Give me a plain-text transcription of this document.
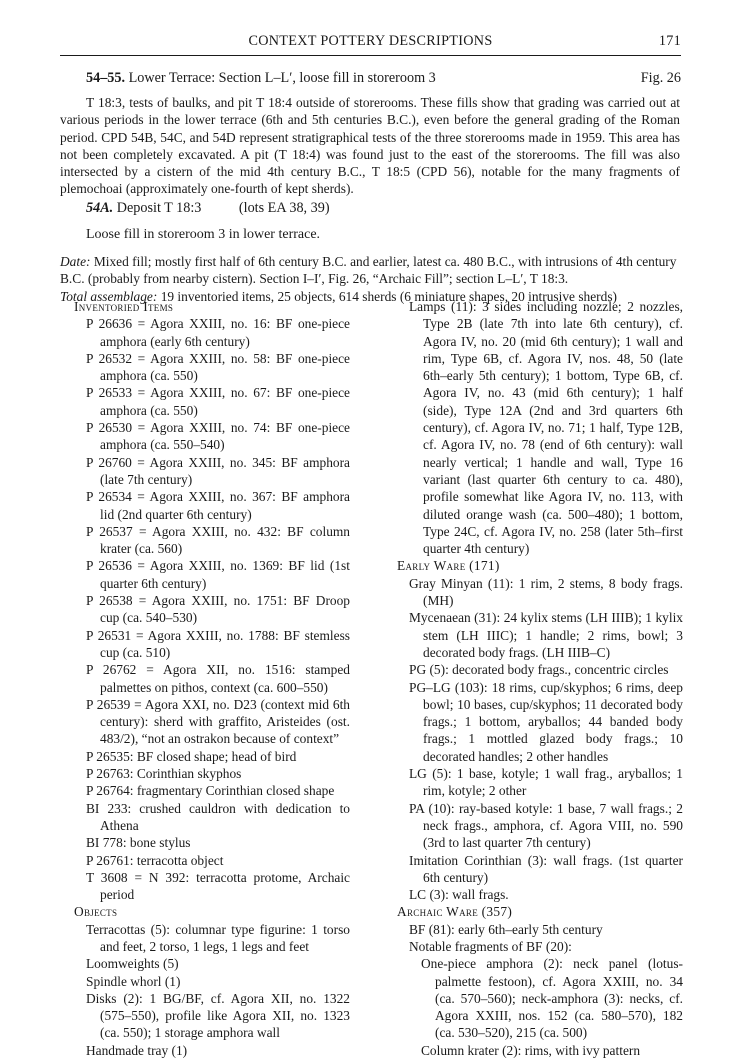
CONTEXT POTTERY DESCRIPTIONS	171
54–55. Lower Terrace: Section L–L′, loose fill in storeroom 3	Fig. 26
T 18:3, tests of baulks, and pit T 18:4 outside of storerooms. These fills show that grading was carried out at various periods in the lower terrace (6th and 5th centuries B.C.), even before the general grading of the Roman period. CPD 54B, 54C, and 54D represent stratigraphical tests of the three storerooms made in 1959. This area has not been completely excavated. A pit (T 18:4) was found just to the east of the storerooms. The fill was also intersected by a cistern of the mid 4th century B.C., T 18:5 (CPD 56), notable for the many fragments of plemochoai (approximately one-fourth of kept sherds).
54A. Deposit T 18:3	(lots EA 38, 39)
Loose fill in storeroom 3 in lower terrace.

Date: Mixed fill; mostly first half of 6th century B.C. and earlier, latest ca. 480 B.C., with intrusions of 4th century B.C. (probably from nearby cistern). Section I–I′, Fig. 26, “Archaic Fill”; section L–L′, T 18:3.

Total assemblage: 19 inventoried items, 25 objects, 614 sherds (6 miniature shapes, 20 intrusive sherds)

Inventoried Items

P 26636 = Agora XXIII, no. 16: BF one-piece amphora (early 6th century)

P 26532 = Agora XXIII, no. 58: BF one-piece amphora (ca. 550)

P 26533 = Agora XXIII, no. 67: BF one-piece amphora (ca. 550)

P 26530 = Agora XXIII, no. 74: BF one-piece amphora (ca. 550–540)

P 26760 = Agora XXIII, no. 345: BF amphora (late 7th century)

P 26534 = Agora XXIII, no. 367: BF amphora lid (2nd quarter 6th century)

P 26537 = Agora XXIII, no. 432: BF column krater (ca. 560)

P 26536 = Agora XXIII, no. 1369: BF lid (1st quarter 6th century)

P 26538 = Agora XXIII, no. 1751: BF Droop cup (ca. 540–530)

P 26531 = Agora XXIII, no. 1788: BF stemless cup (ca. 510)

P 26762 = Agora XII, no. 1516: stamped palmettes on pithos, context (ca. 600–550)

P 26539 = Agora XXI, no. D23 (context mid 6th century): sherd with graffito, Aristeides (ost. 483/2), “not an ostrakon because of context”

P 26535: BF closed shape; head of bird

P 26763: Corinthian skyphos

P 26764: fragmentary Corinthian closed shape

BI 233: crushed cauldron with dedication to Athena

BI 778: bone stylus

P 26761: terracotta object

T 3608 = N 392: terracotta protome, Archaic period

Objects

Terracottas (5): columnar type figurine: 1 torso and feet, 2 torso, 1 legs, 1 legs and feet

Loomweights (5)

Spindle whorl (1)

Disks (2): 1 BG/BF, cf. Agora XII, no. 1322 (575–550), profile like Agora XII, no. 1323 (ca. 550); 1 storage amphora wall

Handmade tray (1)

Lamps (11): 3 sides including nozzle; 2 nozzles, Type 2B (late 7th into late 6th century), cf. Agora IV, no. 20 (mid 6th century); 1 wall and rim, Type 6B, cf. Agora IV, nos. 48, 50 (late 6th–early 5th century); 1 bottom, Type 6B, cf. Agora IV, no. 43 (mid 6th century); 1 half (side), Type 12A (2nd and 3rd quarters 6th century), cf. Agora IV, no. 71; 1 half, Type 12B, cf. Agora IV, no. 78 (end of 6th century): wall nearly vertical; 1 handle and wall, Type 16 variant (last quarter 6th century to ca. 480), profile somewhat like Agora IV, no. 113, with diluted orange wash (ca. 500–480); 1 bottom, Type 24C, cf. Agora IV, no. 258 (later 5th–first quarter 4th century)

Early Ware (171)

Gray Minyan (11): 1 rim, 2 stems, 8 body frags. (MH)

Mycenaean (31): 24 kylix stems (LH IIIB); 1 kylix stem (LH IIIC); 1 handle; 2 rims, bowl; 3 decorated body frags. (LH IIIB–C)

PG (5): decorated body frags., concentric circles

PG–LG (103): 18 rims, cup/skyphos; 6 rims, deep bowl; 10 bases, cup/skyphos; 11 decorated body frags.; 1 bottom, aryballos; 44 banded body frags.; 1 mottled glazed body frags.; 10 decorated handles; 2 other handles

LG (5): 1 base, kotyle; 1 wall frag., aryballos; 1 rim, kotyle; 2 other

PA (10): ray-based kotyle: 1 base, 7 wall frags.; 2 neck frags., amphora, cf. Agora VIII, no. 590 (3rd to last quarter 7th century)

Imitation Corinthian (3): wall frags. (1st quarter 6th century)

LC (3): wall frags.

Archaic Ware (357)

BF (81): early 6th–early 5th century

Notable fragments of BF (20):

One-piece amphora (2): neck panel (lotus-palmette festoon), cf. Agora XXIII, no. 34 (ca. 570–560); neck-amphora (3): necks, cf. Agora XXIII, nos. 152 (ca. 580–570), 182 (ca. 530–520), 215 (ca. 500)

Column krater (2): rims, with ivy pattern
